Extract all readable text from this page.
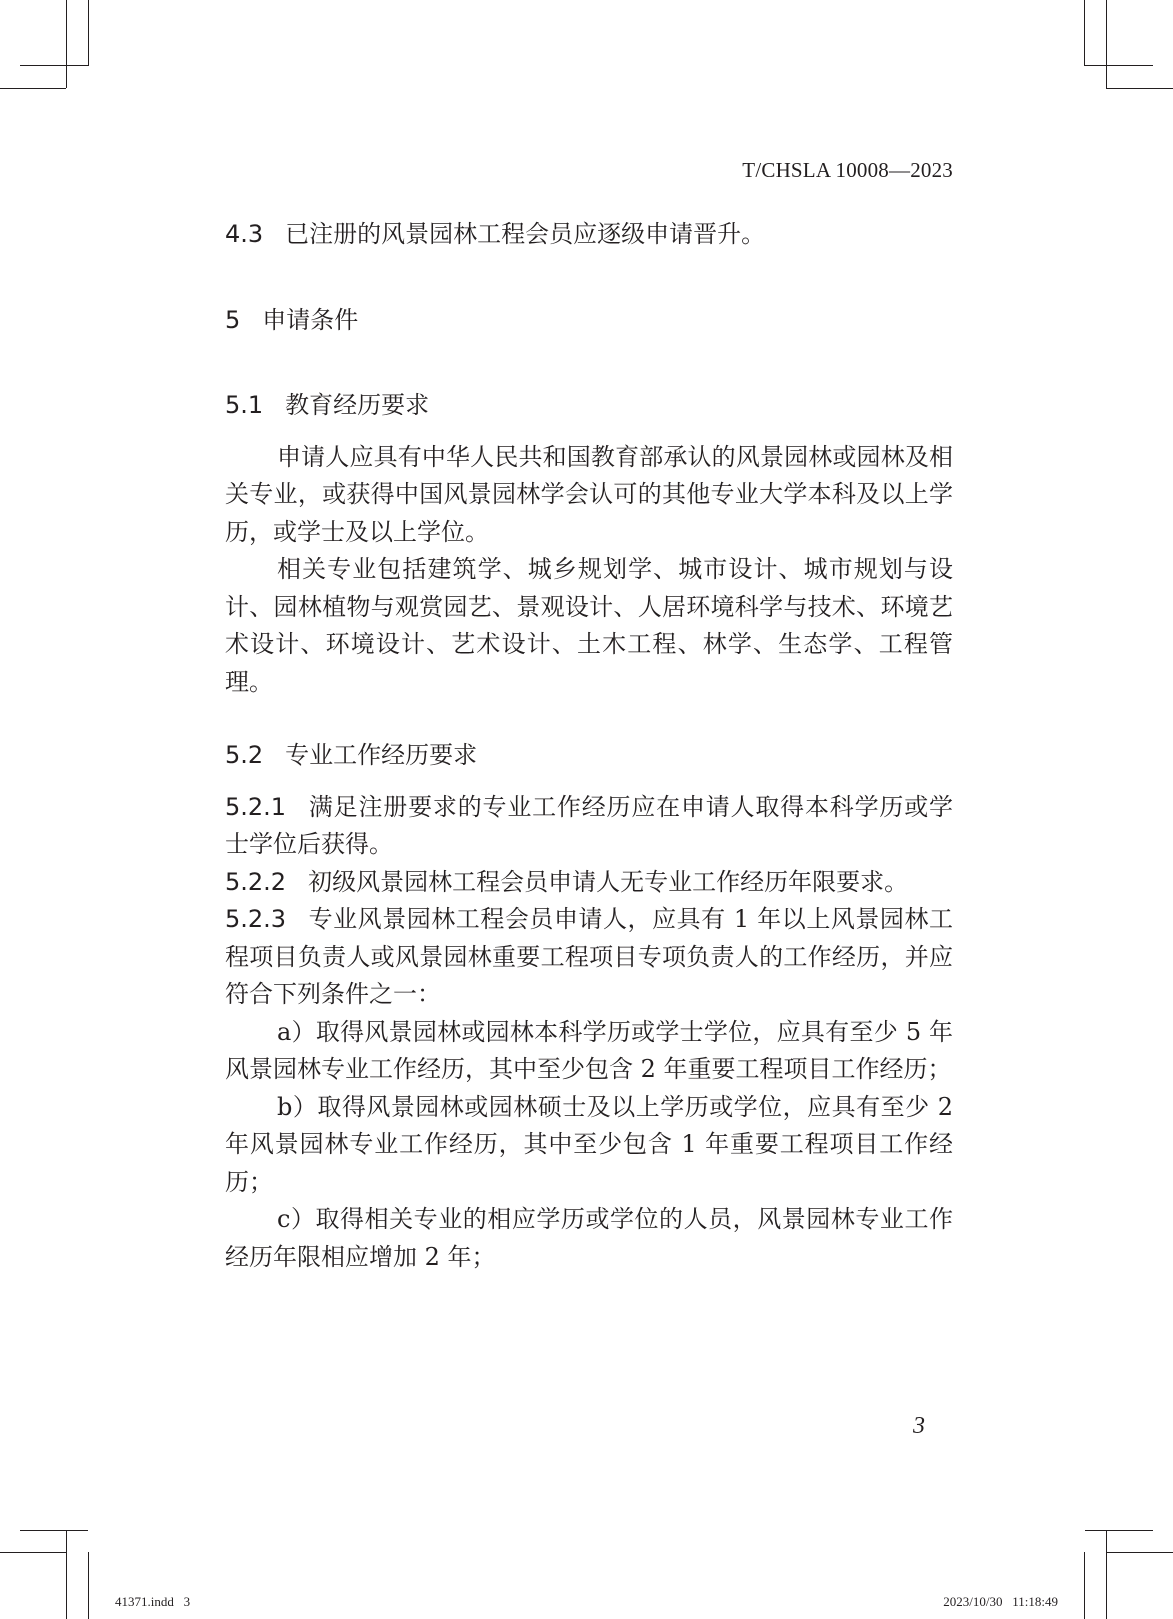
T/CHSLA 10008—2023

4.3 已注册的风景园林工程会员应逐级申请晋升。

5 申请条件

5.1 教育经历要求

申请人应具有中华人民共和国教育部承认的风景园林或园林及相关专业，或获得中国风景园林学会认可的其他专业大学本科及以上学历，或学士及以上学位。

相关专业包括建筑学、城乡规划学、城市设计、城市规划与设计、园林植物与观赏园艺、景观设计、人居环境科学与技术、环境艺术设计、环境设计、艺术设计、土木工程、林学、生态学、工程管理。

5.2 专业工作经历要求

5.2.1 满足注册要求的专业工作经历应在申请人取得本科学历或学士学位后获得。

5.2.2 初级风景园林工程会员申请人无专业工作经历年限要求。

5.2.3 专业风景园林工程会员申请人，应具有 1 年以上风景园林工程项目负责人或风景园林重要工程项目专项负责人的工作经历，并应符合下列条件之一：

a）取得风景园林或园林本科学历或学士学位，应具有至少 5 年风景园林专业工作经历，其中至少包含 2 年重要工程项目工作经历；

b）取得风景园林或园林硕士及以上学历或学位，应具有至少 2 年风景园林专业工作经历，其中至少包含 1 年重要工程项目工作经历；

c）取得相关专业的相应学历或学位的人员，风景园林专业工作经历年限相应增加 2 年；

3
41371.indd   3	2023/10/30   11:18:49
